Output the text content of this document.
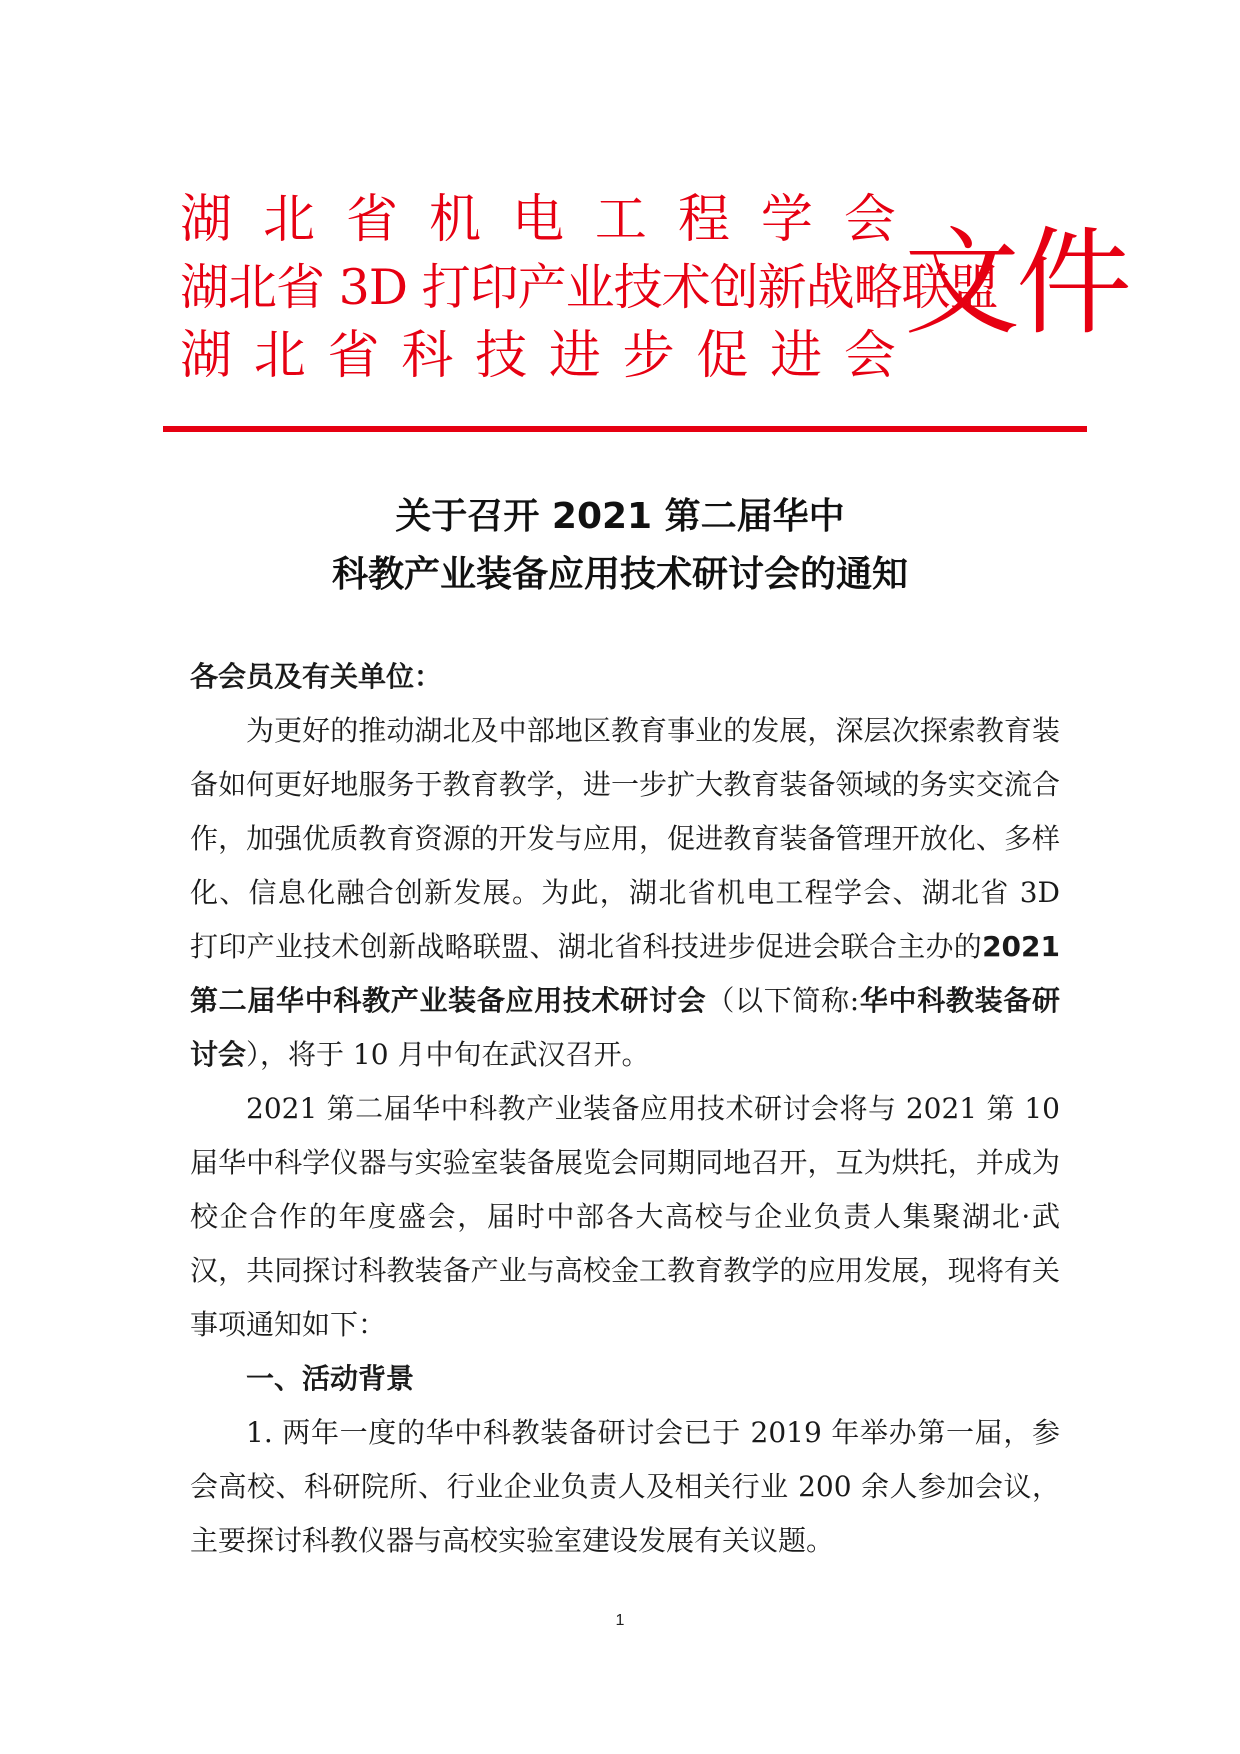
湖 北 省 机 电 工 程 学 会
湖北省 3D 打印产业技术创新战略联盟
湖 北 省 科 技 进 步 促 进 会
文件
关于召开 2021 第二届华中
科教产业装备应用技术研讨会的通知
各会员及有关单位：

为更好的推动湖北及中部地区教育事业的发展，深层次探索教育装备如何更好地服务于教育教学，进一步扩大教育装备领域的务实交流合作，加强优质教育资源的开发与应用，促进教育装备管理开放化、多样化、信息化融合创新发展。为此，湖北省机电工程学会、湖北省 3D 打印产业技术创新战略联盟、湖北省科技进步促进会联合主办的2021 第二届华中科教产业装备应用技术研讨会（以下简称:华中科教装备研讨会），将于 10 月中旬在武汉召开。

2021 第二届华中科教产业装备应用技术研讨会将与 2021 第 10 届华中科学仪器与实验室装备展览会同期同地召开，互为烘托，并成为校企合作的年度盛会，届时中部各大高校与企业负责人集聚湖北·武汉，共同探讨科教装备产业与高校金工教育教学的应用发展，现将有关事项通知如下：

一、活动背景

1. 两年一度的华中科教装备研讨会已于 2019 年举办第一届，参会高校、科研院所、行业企业负责人及相关行业 200 余人参加会议，主要探讨科教仪器与高校实验室建设发展有关议题。

1
